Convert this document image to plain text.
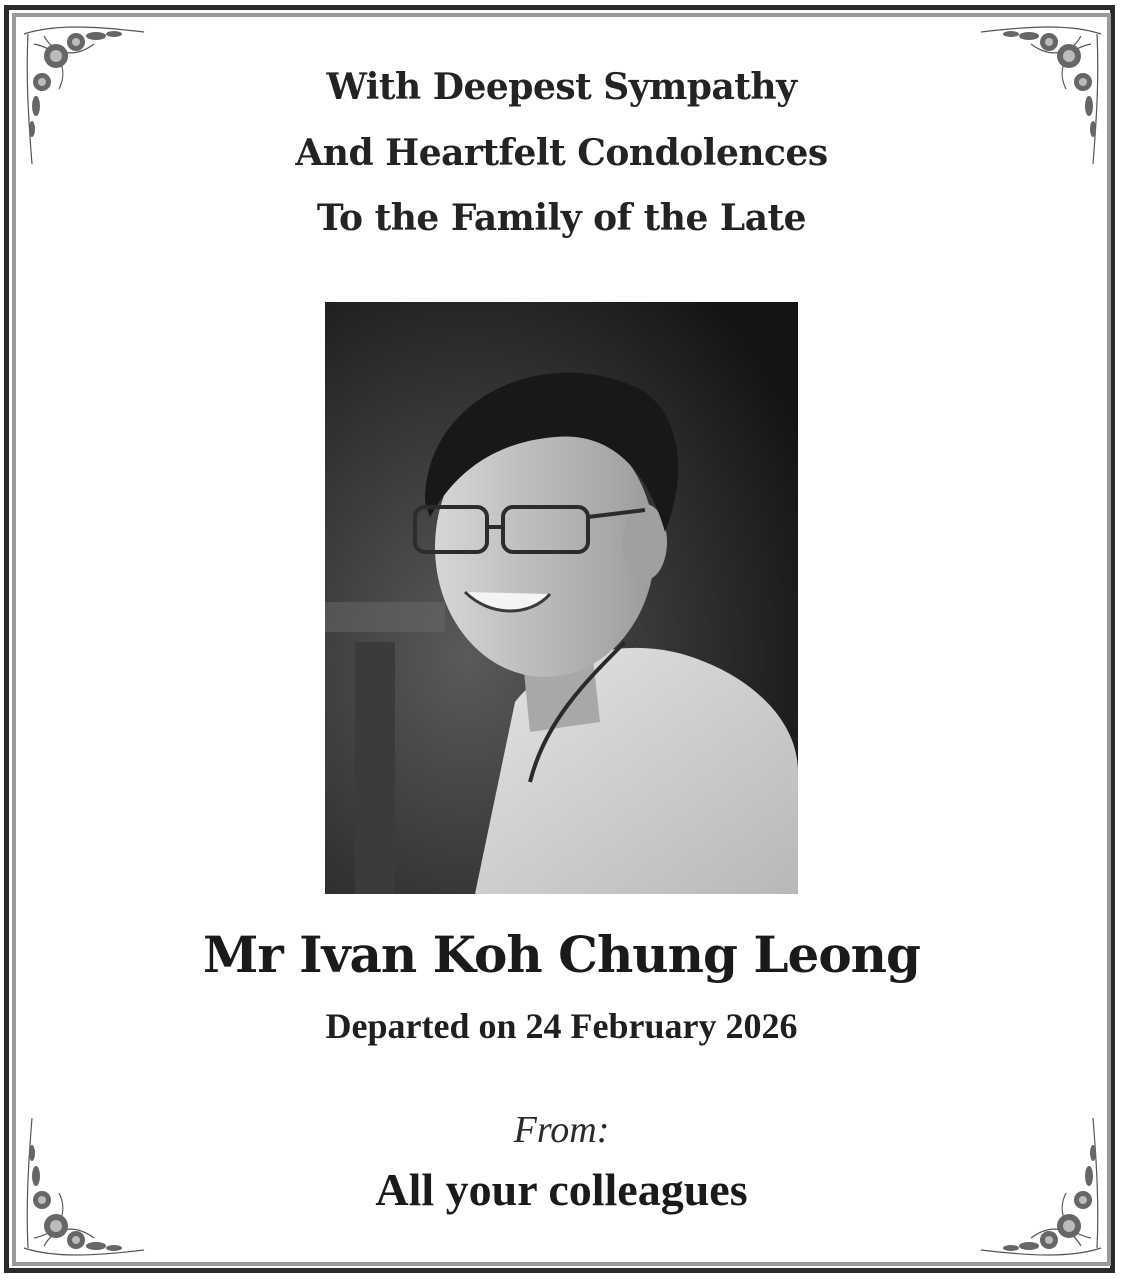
With Deepest Sympathy
And Heartfelt Condolences
To the Family of the Late
Mr Ivan Koh Chung Leong
Departed on 24 February 2026
From:
All your colleagues
